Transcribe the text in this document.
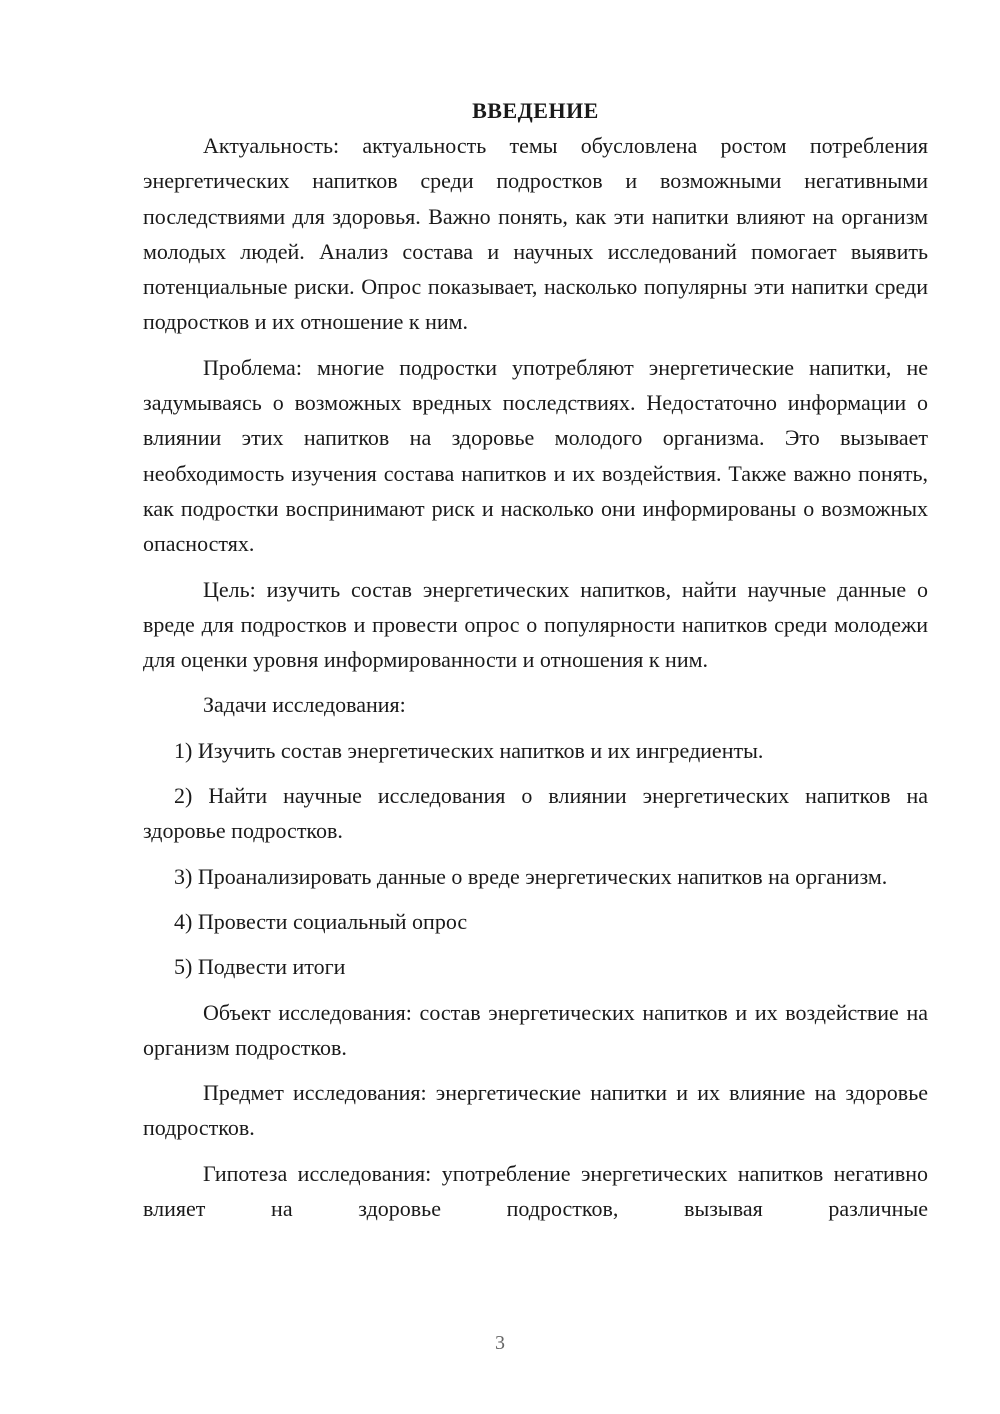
ВВЕДЕНИЕ

Актуальность: актуальность темы обусловлена ростом потребления энергетических напитков среди подростков и возможными негативными последствиями для здоровья. Важно понять, как эти напитки влияют на организм молодых людей. Анализ состава и научных исследований помогает выявить потенциальные риски. Опрос показывает, насколько популярны эти напитки среди подростков и их отношение к ним.

Проблема: многие подростки употребляют энергетические напитки, не задумываясь о возможных вредных последствиях. Недостаточно информации о влиянии этих напитков на здоровье молодого организма. Это вызывает необходимость изучения состава напитков и их воздействия. Также важно понять, как подростки воспринимают риск и насколько они информированы о возможных опасностях.

Цель: изучить состав энергетических напитков, найти научные данные о вреде для подростков и провести опрос о популярности напитков среди молодежи для оценки уровня информированности и отношения к ним.

Задачи исследования:

1) Изучить состав энергетических напитков и их ингредиенты.

2) Найти научные исследования о влиянии энергетических напитков на здоровье подростков.

3) Проанализировать данные о вреде энергетических напитков на организм.

4) Провести социальный опрос

5) Подвести итоги

Объект исследования: состав энергетических напитков и их воздействие на организм подростков.

Предмет исследования: энергетические напитки и их влияние на здоровье подростков.

Гипотеза исследования: употребление энергетических напитков негативно влияет на здоровье подростков, вызывая различные

3
